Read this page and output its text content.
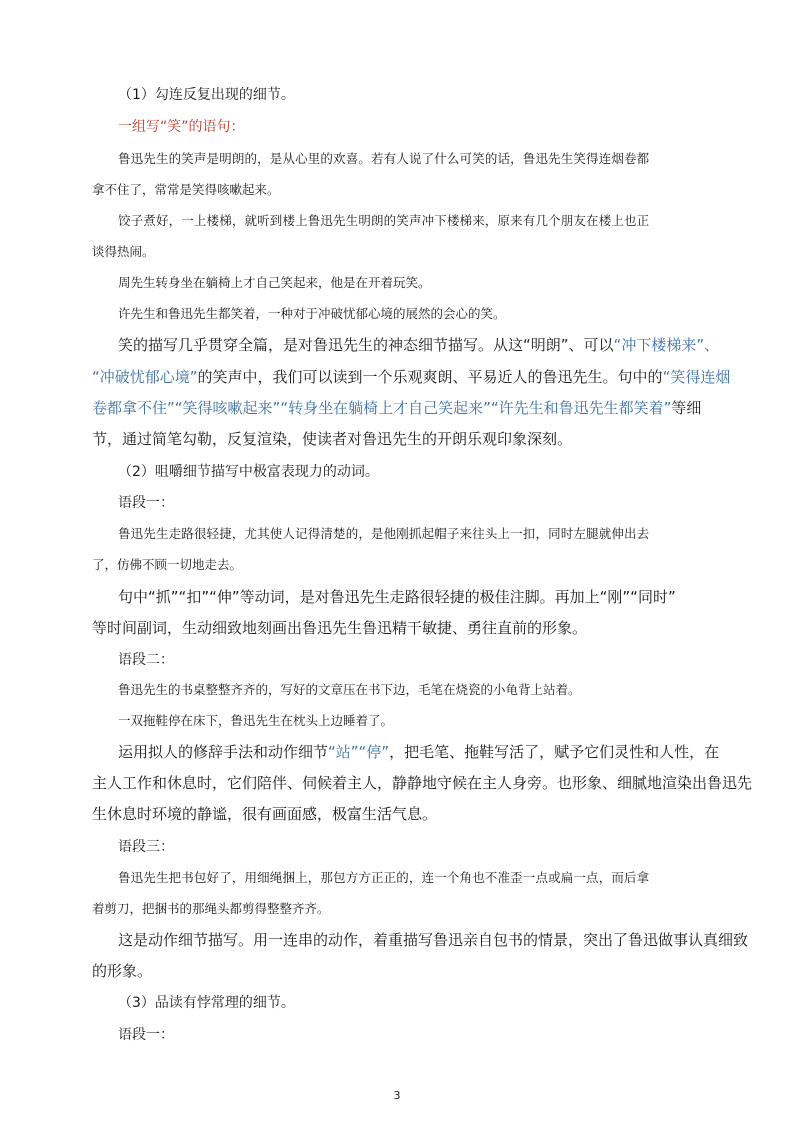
（1）勾连反复出现的细节。
一组写“笑”的语句：
鲁迅先生的笑声是明朗的，是从心里的欢喜。若有人说了什么可笑的话，鲁迅先生笑得连烟卷都
拿不住了，常常是笑得咳嗽起来。
饺子煮好，一上楼梯，就听到楼上鲁迅先生明朗的笑声冲下楼梯来，原来有几个朋友在楼上也正
谈得热闹。
周先生转身坐在躺椅上才自己笑起来，他是在开着玩笑。
许先生和鲁迅先生都笑着，一种对于冲破忧郁心境的展然的会心的笑。
笑的描写几乎贯穿全篇，是对鲁迅先生的神态细节描写。从这“明朗”、可以“冲下楼梯来”、
“冲破忧郁心境”的笑声中，我们可以读到一个乐观爽朗、平易近人的鲁迅先生。句中的“笑得连烟
卷都拿不住”“笑得咳嗽起来”“转身坐在躺椅上才自己笑起来”“许先生和鲁迅先生都笑着”等细
节，通过简笔勾勒，反复渲染，使读者对鲁迅先生的开朗乐观印象深刻。
（2）咀嚼细节描写中极富表现力的动词。
语段一：
鲁迅先生走路很轻捷，尤其使人记得清楚的，是他刚抓起帽子来往头上一扣，同时左腿就伸出去
了，仿佛不顾一切地走去。
句中“抓”“扣”“伸”等动词，是对鲁迅先生走路很轻捷的极佳注脚。再加上“刚”“同时”
等时间副词，生动细致地刻画出鲁迅先生鲁迅精干敏捷、勇往直前的形象。
语段二：
鲁迅先生的书桌整整齐齐的，写好的文章压在书下边，毛笔在烧瓷的小龟背上站着。
一双拖鞋停在床下，鲁迅先生在枕头上边睡着了。
运用拟人的修辞手法和动作细节“站”“停”，把毛笔、拖鞋写活了，赋予它们灵性和人性，在
主人工作和休息时，它们陪伴、伺候着主人，静静地守候在主人身旁。也形象、细腻地渲染出鲁迅先
生休息时环境的静谧，很有画面感，极富生活气息。
语段三：
鲁迅先生把书包好了，用细绳捆上，那包方方正正的，连一个角也不准歪一点或扁一点，而后拿
着剪刀，把捆书的那绳头都剪得整整齐齐。
这是动作细节描写。用一连串的动作，着重描写鲁迅亲自包书的情景，突出了鲁迅做事认真细致
的形象。
（3）品读有悖常理的细节。
语段一：
3
